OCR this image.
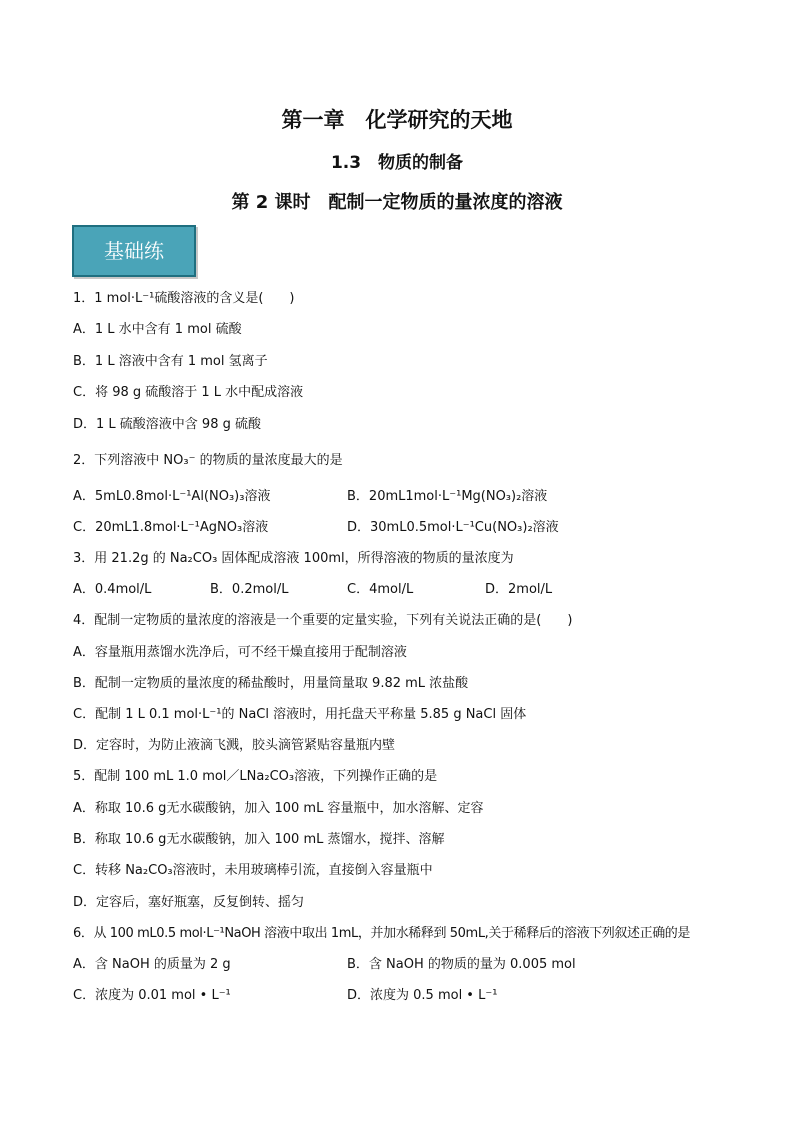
第一章　化学研究的天地
1.3　物质的制备
第 2 课时　配制一定物质的量浓度的溶液
基础练
1．1 mol·L⁻¹硫酸溶液的含义是(　　)
A．1 L 水中含有 1 mol 硫酸
B．1 L 溶液中含有 1 mol 氢离子
C．将 98 g 硫酸溶于 1 L 水中配成溶液
D．1 L 硫酸溶液中含 98 g 硫酸
2．下列溶液中 NO₃⁻ 的物质的量浓度最大的是
A．5mL0.8mol·L⁻¹Al(NO₃)₃溶液	B．20mL1mol·L⁻¹Mg(NO₃)₂溶液
C．20mL1.8mol·L⁻¹AgNO₃溶液	D．30mL0.5mol·L⁻¹Cu(NO₃)₂溶液
3．用 21.2g 的 Na₂CO₃ 固体配成溶液 100ml，所得溶液的物质的量浓度为
A．0.4mol/L	B．0.2mol/L	C．4mol/L	D．2mol/L
4．配制一定物质的量浓度的溶液是一个重要的定量实验，下列有关说法正确的是(　　)
A．容量瓶用蒸馏水洗净后，可不经干燥直接用于配制溶液
B．配制一定物质的量浓度的稀盐酸时，用量筒量取 9.82 mL 浓盐酸
C．配制 1 L 0.1 mol·L⁻¹的 NaCl 溶液时，用托盘天平称量 5.85 g NaCl 固体
D．定容时，为防止液滴飞溅，胶头滴管紧贴容量瓶内壁
5．配制 100 mL 1.0 mol／LNa₂CO₃溶液，下列操作正确的是
A．称取 10.6 g无水碳酸钠，加入 100 mL 容量瓶中，加水溶解、定容
B．称取 10.6 g无水碳酸钠，加入 100 mL 蒸馏水，搅拌、溶解
C．转移 Na₂CO₃溶液时，未用玻璃棒引流，直接倒入容量瓶中
D．定容后，塞好瓶塞，反复倒转、摇匀
6．从 100 mL0.5 mol·L⁻¹NaOH 溶液中取出 1mL，并加水稀释到 50mL,关于稀释后的溶液下列叙述正确的是
A．含 NaOH 的质量为 2 g	B．含 NaOH 的物质的量为 0.005 mol
C．浓度为 0.01 mol • L⁻¹	D．浓度为 0.5 mol • L⁻¹
